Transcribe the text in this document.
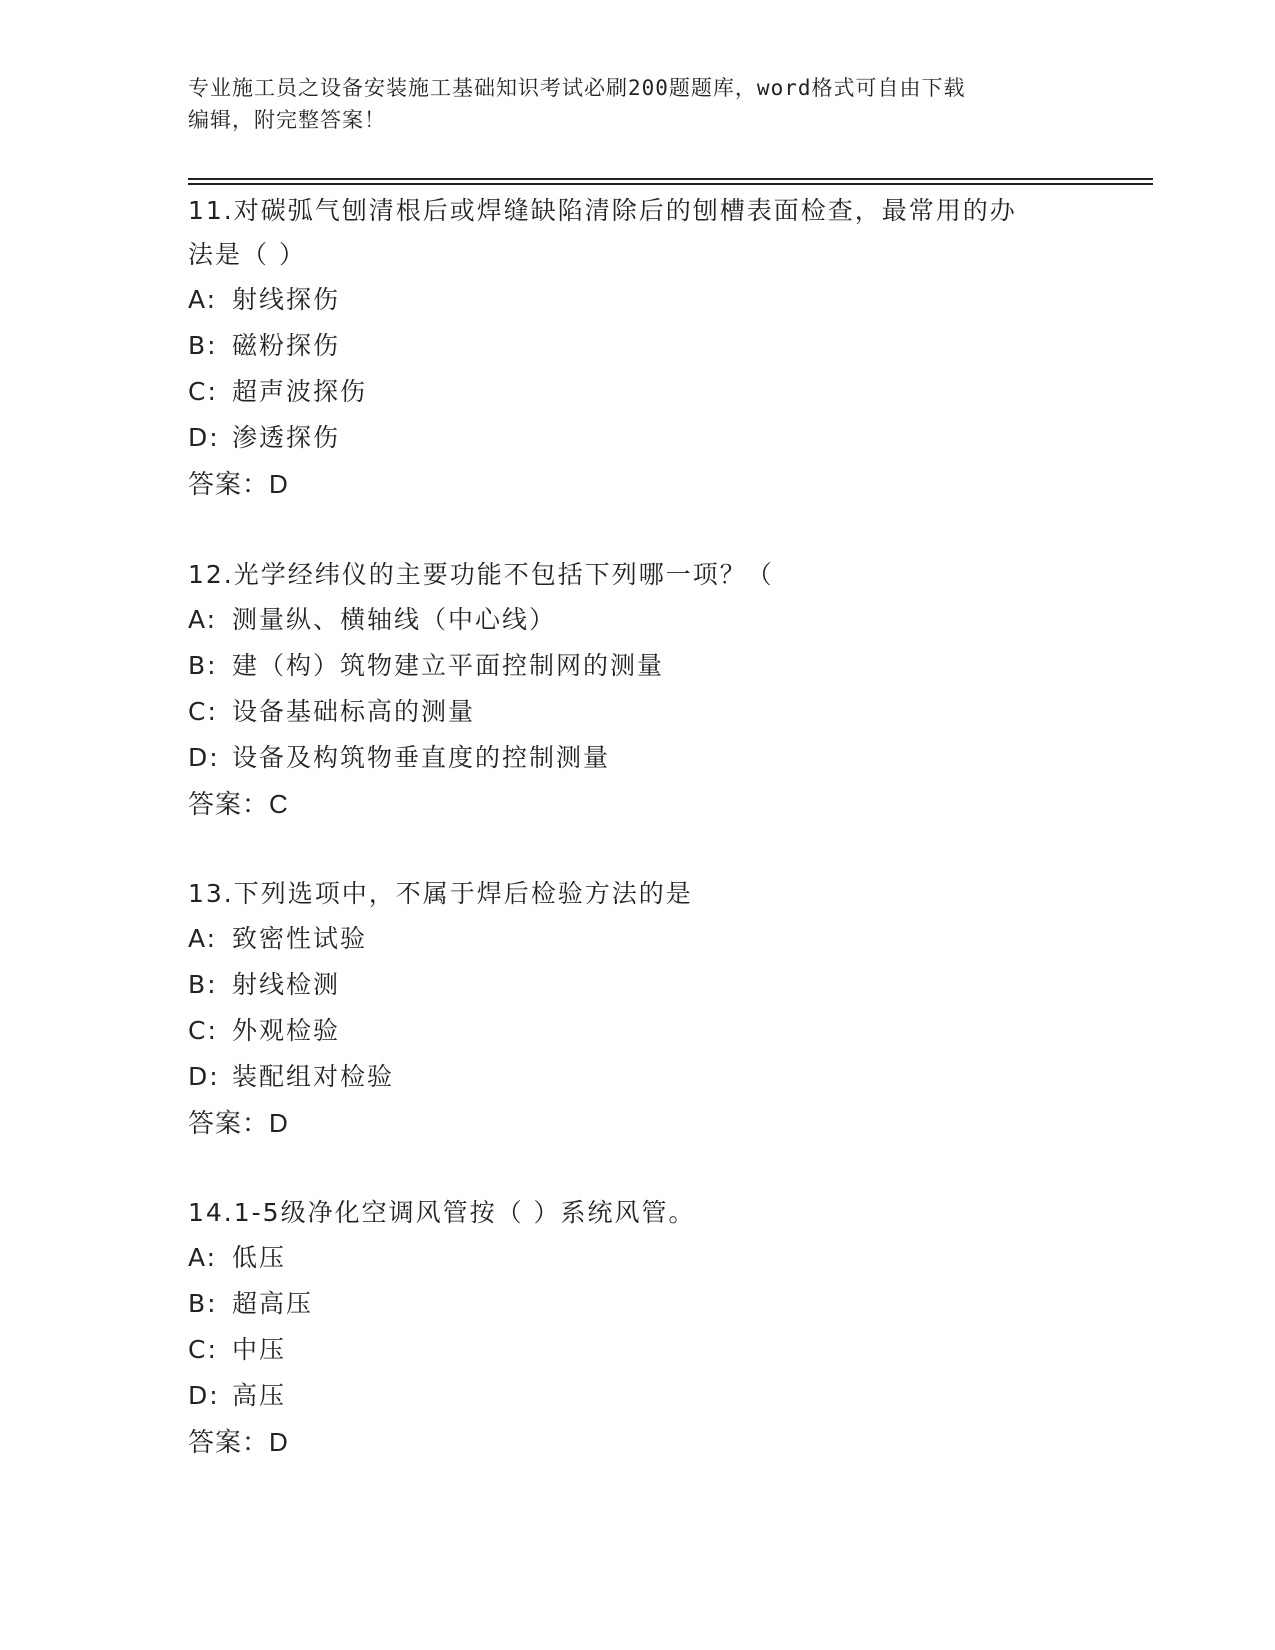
专业施工员之设备安装施工基础知识考试必刷200题题库，word格式可自由下载
编辑，附完整答案！

11.对碳弧气刨清根后或焊缝缺陷清除后的刨槽表面检查，最常用的办

法是（ ）

A: 射线探伤

B: 磁粉探伤

C: 超声波探伤

D: 渗透探伤

答案：D

12.光学经纬仪的主要功能不包括下列哪一项？（

A: 测量纵、横轴线（中心线）

B: 建（构）筑物建立平面控制网的测量

C: 设备基础标高的测量

D: 设备及构筑物垂直度的控制测量

答案：C

13.下列选项中，不属于焊后检验方法的是

A: 致密性试验

B: 射线检测

C: 外观检验

D: 装配组对检验

答案：D

14.1-5级净化空调风管按（ ）系统风管。

A: 低压

B: 超高压

C: 中压

D: 高压

答案：D
